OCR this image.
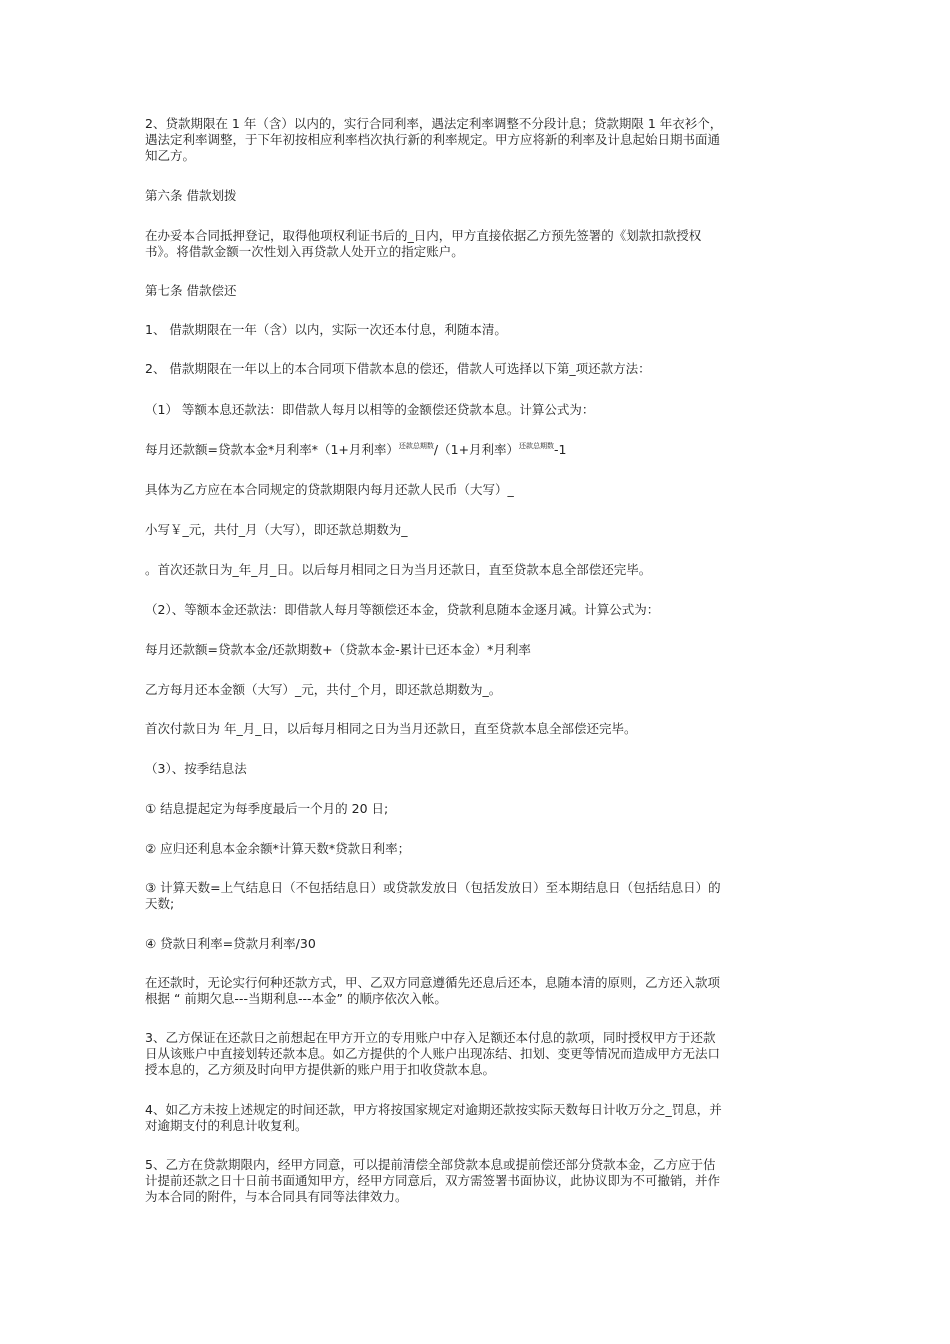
2、贷款期限在 1 年（含）以内的，实行合同利率，遇法定利率调整不分段计息；贷款期限 1 年衣衫个，
遇法定利率调整，于下年初按相应利率档次执行新的利率规定。甲方应将新的利率及计息起始日期书面通
知乙方。
第六条 借款划拨
在办妥本合同抵押登记，取得他项权利证书后的_日内，甲方直接依据乙方预先签署的《划款扣款授权
书》。将借款金额一次性划入再贷款人处开立的指定账户。
第七条 借款偿还
1、 借款期限在一年（含）以内，实际一次还本付息，利随本清。
2、 借款期限在一年以上的本合同项下借款本息的偿还，借款人可选择以下第_项还款方法：
（1） 等额本息还款法：即借款人每月以相等的金额偿还贷款本息。计算公式为：
每月还款额=贷款本金*月利率*（1+月利率）$^{还款总期数}$/（1+月利率）$^{还款总期数}$-1
具体为乙方应在本合同规定的贷款期限内每月还款人民币（大写）_
小写￥_元，共付_月（大写），即还款总期数为_
。首次还款日为_年_月_日。以后每月相同之日为当月还款日，直至贷款本息全部偿还完毕。
（2）、等额本金还款法：即借款人每月等额偿还本金，贷款利息随本金逐月减。计算公式为：
每月还款额=贷款本金/还款期数+（贷款本金-累计已还本金）*月利率
乙方每月还本金额（大写）_元，共付_个月，即还款总期数为_。
首次付款日为 年_月_日，以后每月相同之日为当月还款日，直至贷款本息全部偿还完毕。
（3）、按季结息法
① 结息提起定为每季度最后一个月的 20 日;
② 应归还利息本金余额*计算天数*贷款日利率；
③ 计算天数=上气结息日（不包括结息日）或贷款发放日（包括发放日）至本期结息日（包括结息日）的
天数;
④ 贷款日利率=贷款月利率/30
在还款时，无论实行何种还款方式，甲、乙双方同意遵循先还息后还本，息随本清的原则，乙方还入款项
根据 “ 前期欠息---当期利息---本金” 的顺序依次入帐。
3、乙方保证在还款日之前想起在甲方开立的专用账户中存入足额还本付息的款项，同时授权甲方于还款
日从该账户中直接划转还款本息。如乙方提供的个人账户出现冻结、扣划、变更等情况而造成甲方无法口
授本息的，乙方须及时向甲方提供新的账户用于扣收贷款本息。
4、如乙方未按上述规定的时间还款，甲方将按国家规定对逾期还款按实际天数每日计收万分之_罚息，并
对逾期支付的利息计收复利。
5、乙方在贷款期限内，经甲方同意，可以提前清偿全部贷款本息或提前偿还部分贷款本金，乙方应于估
计提前还款之日十日前书面通知甲方，经甲方同意后，双方需签署书面协议，此协议即为不可撤销，并作
为本合同的附件，与本合同具有同等法律效力。
